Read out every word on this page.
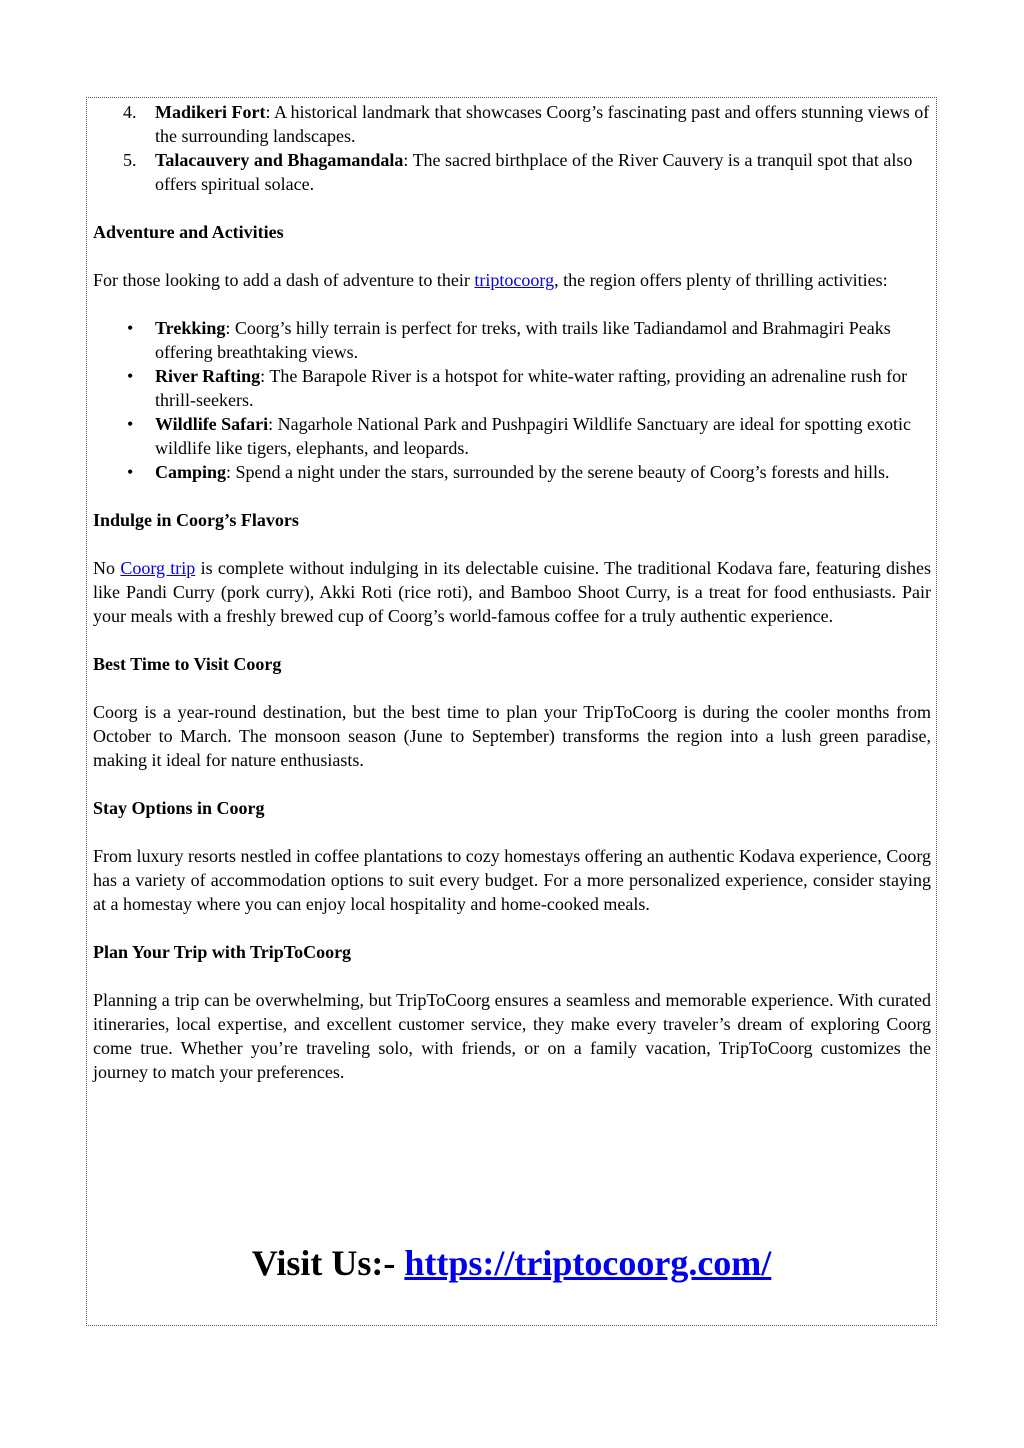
4. Madikeri Fort: A historical landmark that showcases Coorg’s fascinating past and offers stunning views of the surrounding landscapes.
5. Talacauvery and Bhagamandala: The sacred birthplace of the River Cauvery is a tranquil spot that also offers spiritual solace.

Adventure and Activities

For those looking to add a dash of adventure to their triptocoorg, the region offers plenty of thrilling activities:

• Trekking: Coorg’s hilly terrain is perfect for treks, with trails like Tadiandamol and Brahmagiri Peaks offering breathtaking views.
• River Rafting: The Barapole River is a hotspot for white-water rafting, providing an adrenaline rush for thrill-seekers.
• Wildlife Safari: Nagarhole National Park and Pushpagiri Wildlife Sanctuary are ideal for spotting exotic wildlife like tigers, elephants, and leopards.
• Camping: Spend a night under the stars, surrounded by the serene beauty of Coorg’s forests and hills.

Indulge in Coorg’s Flavors

No Coorg trip is complete without indulging in its delectable cuisine. The traditional Kodava fare, featuring dishes like Pandi Curry (pork curry), Akki Roti (rice roti), and Bamboo Shoot Curry, is a treat for food enthusiasts. Pair your meals with a freshly brewed cup of Coorg’s world-famous coffee for a truly authentic experience.

Best Time to Visit Coorg

Coorg is a year-round destination, but the best time to plan your TripToCoorg is during the cooler months from October to March. The monsoon season (June to September) transforms the region into a lush green paradise, making it ideal for nature enthusiasts.

Stay Options in Coorg

From luxury resorts nestled in coffee plantations to cozy homestays offering an authentic Kodava experience, Coorg has a variety of accommodation options to suit every budget. For a more personalized experience, consider staying at a homestay where you can enjoy local hospitality and home-cooked meals.

Plan Your Trip with TripToCoorg

Planning a trip can be overwhelming, but TripToCoorg ensures a seamless and memorable experience. With curated itineraries, local expertise, and excellent customer service, they make every traveler’s dream of exploring Coorg come true. Whether you’re traveling solo, with friends, or on a family vacation, TripToCoorg customizes the journey to match your preferences.

Visit Us:- https://triptocoorg.com/
